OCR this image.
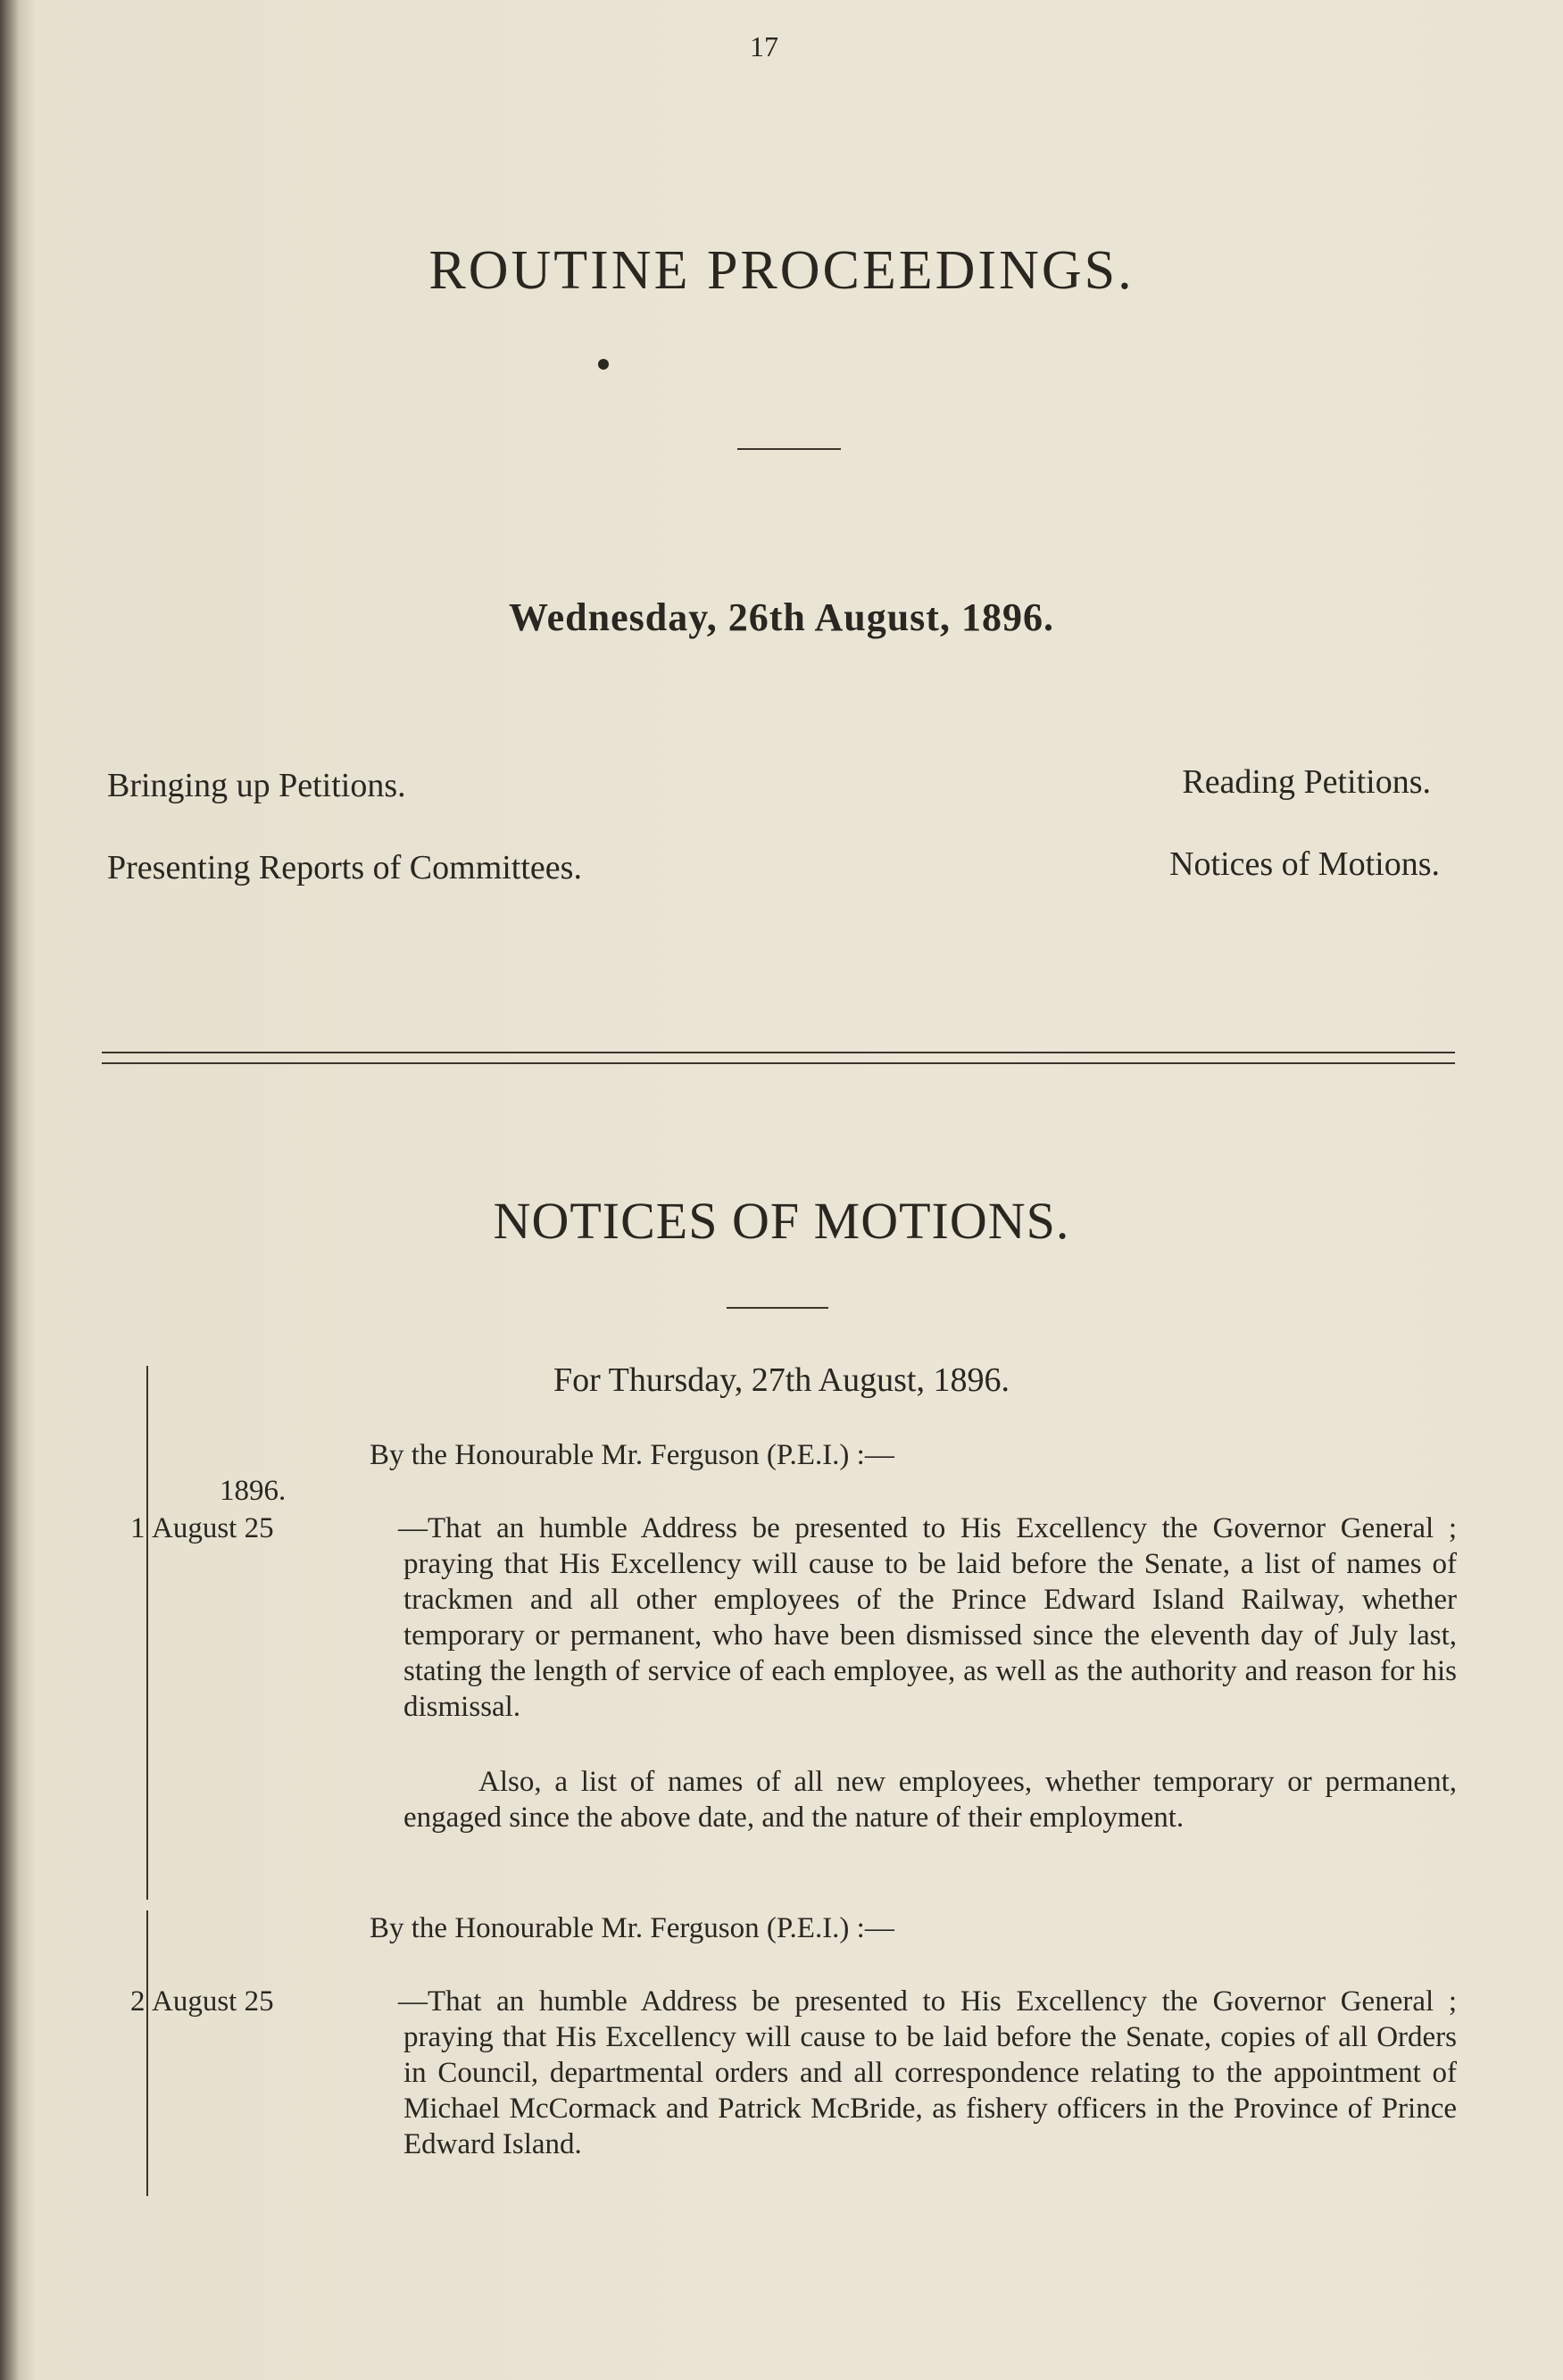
17
ROUTINE PROCEEDINGS.
Wednesday, 26th August, 1896.
Bringing up Petitions.	Reading Petitions.
Presenting Reports of Committees.	Notices of Motions.
NOTICES OF MOTIONS.
For Thursday, 27th August, 1896.
By the Honourable Mr. Ferguson (P.E.I.) :—
1896.
1 August 25	—That an humble Address be presented to His Excellency the Governor General ; praying that His Excellency will cause to be laid before the Senate, a list of names of trackmen and all other employees of the Prince Edward Island Railway, whether temporary or permanent, who have been dismissed since the eleventh day of July last, stating the length of service of each employee, as well as the authority and reason for his dismissal.
Also, a list of names of all new employees, whether temporary or permanent, engaged since the above date, and the nature of their employment.
By the Honourable Mr. Ferguson (P.E.I.) :—
2 August 25	—That an humble Address be presented to His Excellency the Governor General ; praying that His Excellency will cause to be laid before the Senate, copies of all Orders in Council, departmental orders and all correspondence relating to the appointment of Michael McCormack and Patrick McBride, as fishery officers in the Province of Prince Edward Island.
